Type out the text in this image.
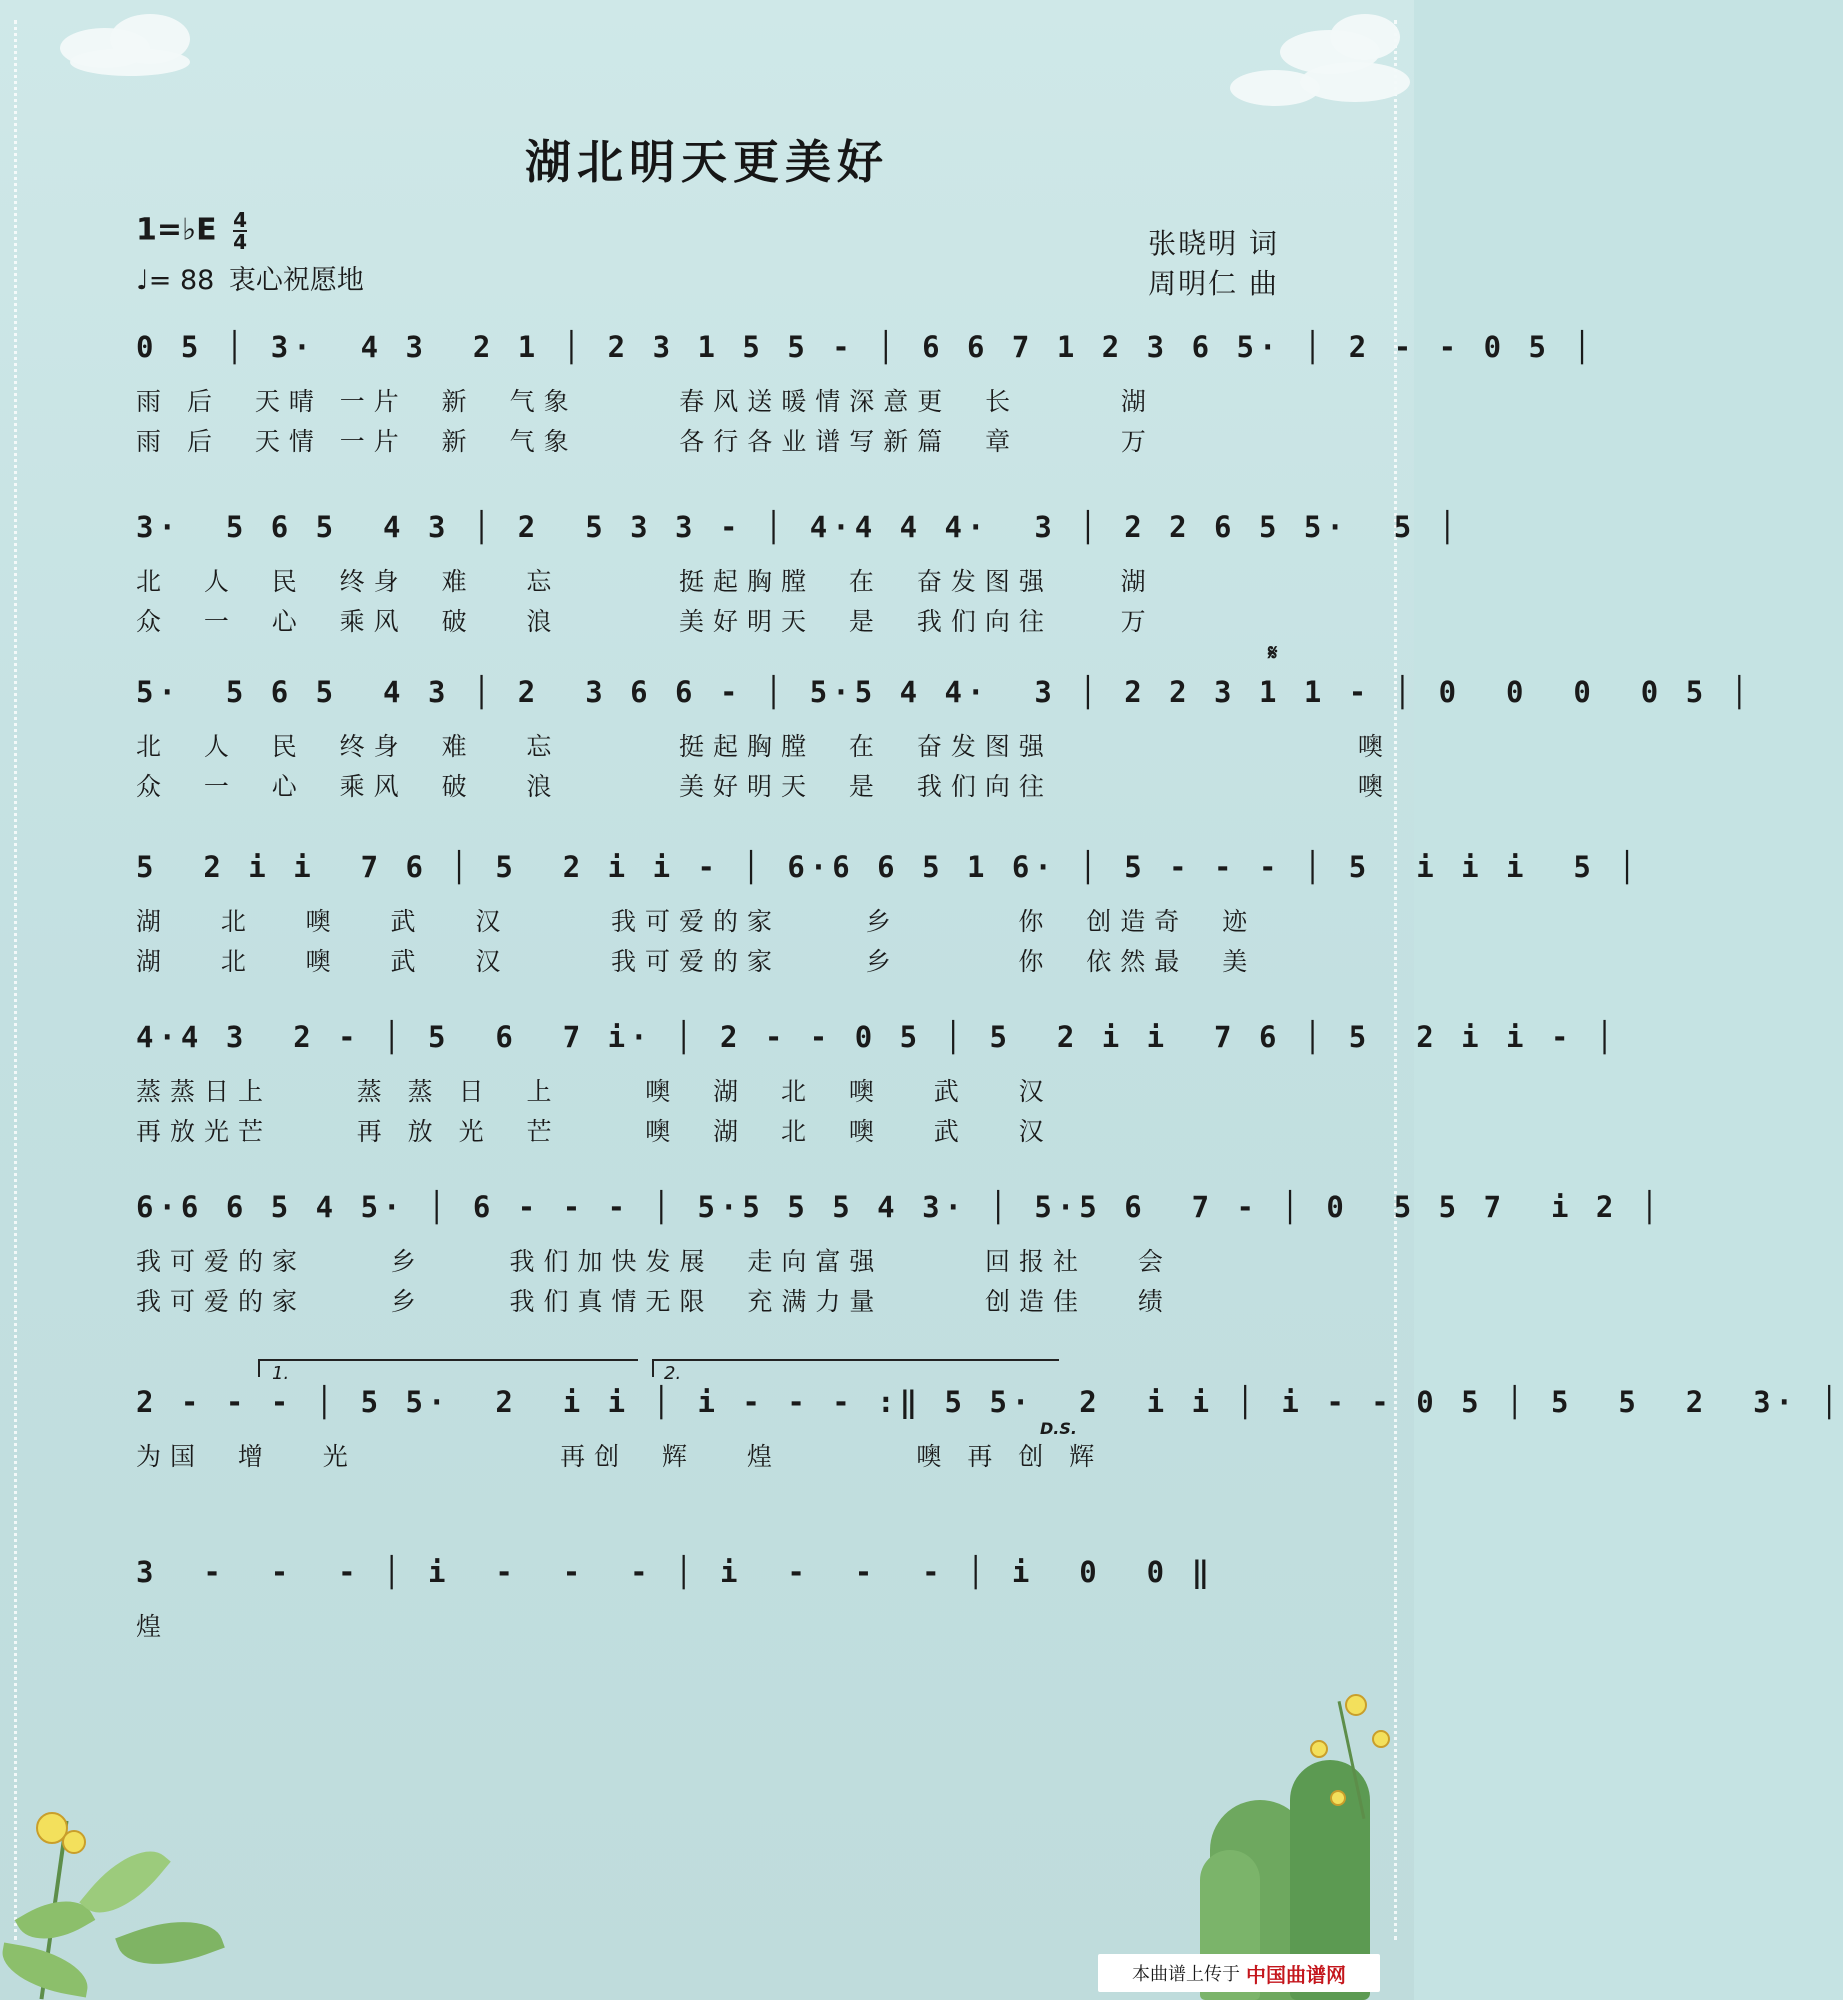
湖北明天更美好
1=♭E $\frac{4}{4}$
♩= 88 衷心祝愿地
张晓明 词
周明仁 曲
0 5 │ 3·  4 3  2 1 │ 2 3 1 5 5 - │ 6 6 7 1 2 3 6 5· │ 2 - - 0 5 │
雨 后  天晴 一片  新  气象      春风送暖情深意更  长      湖
雨 后  天情 一片  新  气象      各行各业谱写新篇  章      万
3·  5 6 5  4 3 │ 2  5 3 3 - │ 4·4 4 4·  3 │ 2 2 6 5 5·  5 │
北  人  民  终身  难   忘       挺起胸膛  在  奋发图强    湖
众  一  心  乘风  破   浪       美好明天  是  我们向往    万
5·  5 6 5  4 3 │ 2  3 6 6 - │ 5·5 4 4·  3 │ 2 2 3 1 1 - │ 0  0  0  0 5 │
北  人  民  终身  难   忘       挺起胸膛  在  奋发图强                  噢
众  一  心  乘风  破   浪       美好明天  是  我们向往                  噢
𝄋
5  2 i i  7 6 │ 5  2 i i - │ 6·6 6 5 1 6· │ 5 - - - │ 5  i i i  5 │
湖   北   噢   武   汉      我可爱的家     乡       你  创造奇  迹
湖   北   噢   武   汉      我可爱的家     乡       你  依然最  美
4·4 3  2 - │ 5  6  7 i· │ 2 - - 0 5 │ 5  2 i i  7 6 │ 5  2 i i - │
蒸蒸日上     蒸 蒸 日  上     噢  湖  北  噢   武   汉
再放光芒     再 放 光  芒     噢  湖  北  噢   武   汉
6·6 6 5 4 5· │ 6 - - - │ 5·5 5 5 4 3· │ 5·5 6  7 - │ 0  5 5 7  i 2 │
我可爱的家     乡     我们加快发展  走向富强      回报社   会
我可爱的家     乡     我们真情无限  充满力量      创造佳   绩
2 - - - │ 5 5·  2  i i │ i - - - :‖ 5 5·  2  i i │ i - - 0 5 │ 5  5  2  3· │
为国  增   光            再创  辉   煌        噢 再 创 辉
1.	2.
D.S.
3  -  -  - │ i  -  -  - │ i  -  -  - │ i  0  0 ‖
煌
本曲谱上传于 中国曲谱网
